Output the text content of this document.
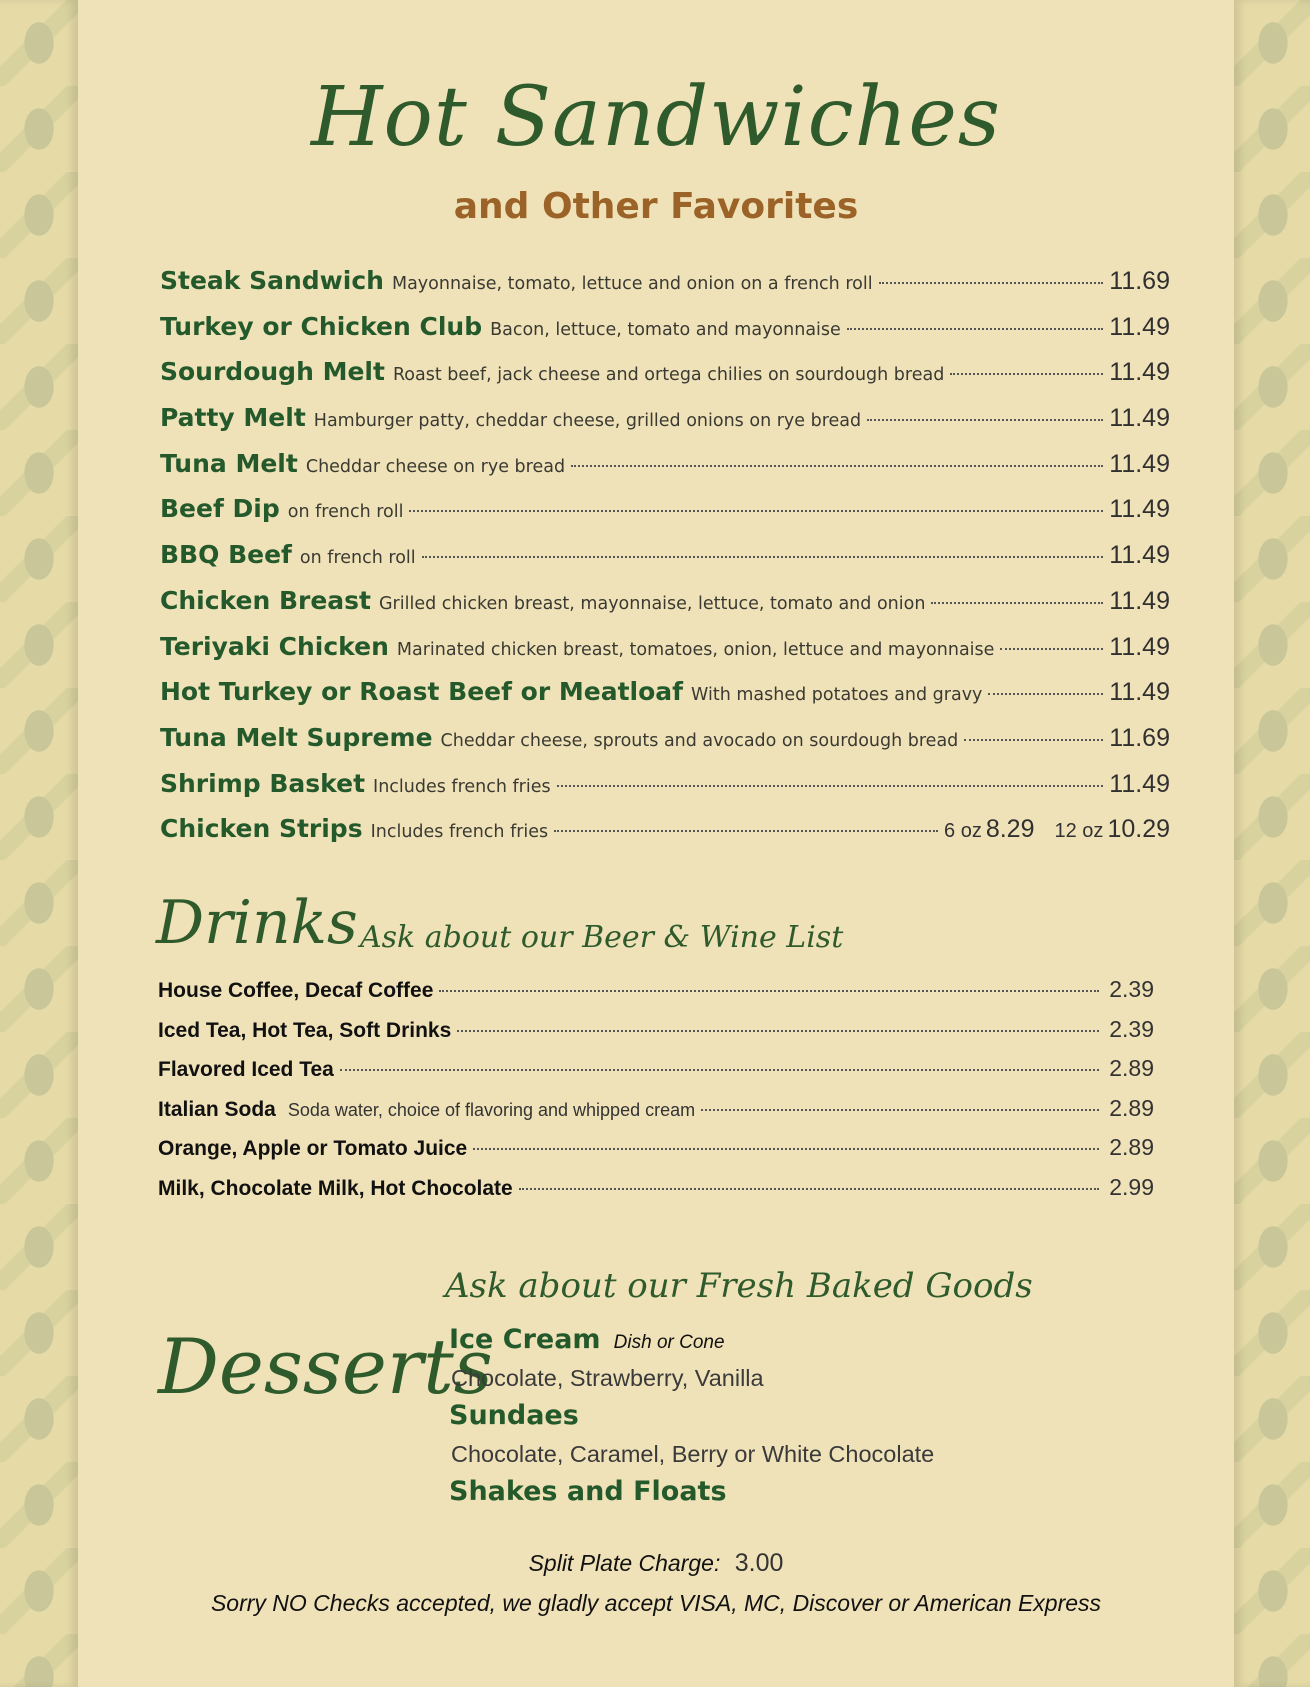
Hot Sandwiches
and Other Favorites
Steak Sandwich Mayonnaise, tomato, lettuce and onion on a french roll	11.69
Turkey or Chicken Club Bacon, lettuce, tomato and mayonnaise	11.49
Sourdough Melt Roast beef, jack cheese and ortega chilies on sourdough bread	11.49
Patty Melt Hamburger patty, cheddar cheese, grilled onions on rye bread	11.49
Tuna Melt Cheddar cheese on rye bread	11.49
Beef Dip on french roll	11.49
BBQ Beef on french roll	11.49
Chicken Breast Grilled chicken breast, mayonnaise, lettuce, tomato and onion	11.49
Teriyaki Chicken Marinated chicken breast, tomatoes, onion, lettuce and mayonnaise	11.49
Hot Turkey or Roast Beef or Meatloaf With mashed potatoes and gravy	11.49
Tuna Melt Supreme Cheddar cheese, sprouts and avocado on sourdough bread	11.69
Shrimp Basket Includes french fries	11.49
Chicken Strips Includes french fries	6 oz 8.29 12 oz 10.29
Drinks Ask about our Beer & Wine List
House Coffee, Decaf Coffee	2.39
Iced Tea, Hot Tea, Soft Drinks	2.39
Flavored Iced Tea	2.89
Italian Soda Soda water, choice of flavoring and whipped cream	2.89
Orange, Apple or Tomato Juice	2.89
Milk, Chocolate Milk, Hot Chocolate	2.99
Ask about our Fresh Baked Goods
Desserts
Ice Cream Dish or Cone
Chocolate, Strawberry, Vanilla
Sundaes
Chocolate, Caramel, Berry or White Chocolate
Shakes and Floats
Split Plate Charge: 3.00
Sorry NO Checks accepted, we gladly accept VISA, MC, Discover or American Express
